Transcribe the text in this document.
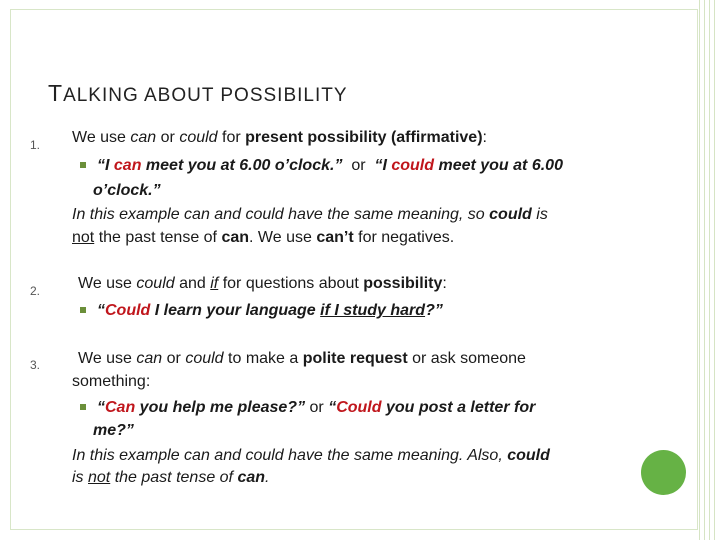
TALKING ABOUT POSSIBILITY
1. We use can or could for present possibility (affirmative):
“I can meet you at 6.00 o’clock.”  or  “I could meet you at 6.00
o’clock.”
In this example can and could have the same meaning, so could is
not the past tense of can. We use can’t for negatives.
2. We use could and if for questions about possibility:
“Could I learn your language if I study hard?”
3. We use can or could to make a polite request or ask someone
something:
“Can you help me please?” or “Could you post a letter for
me?”
In this example can and could have the same meaning. Also, could
is not the past tense of can.
